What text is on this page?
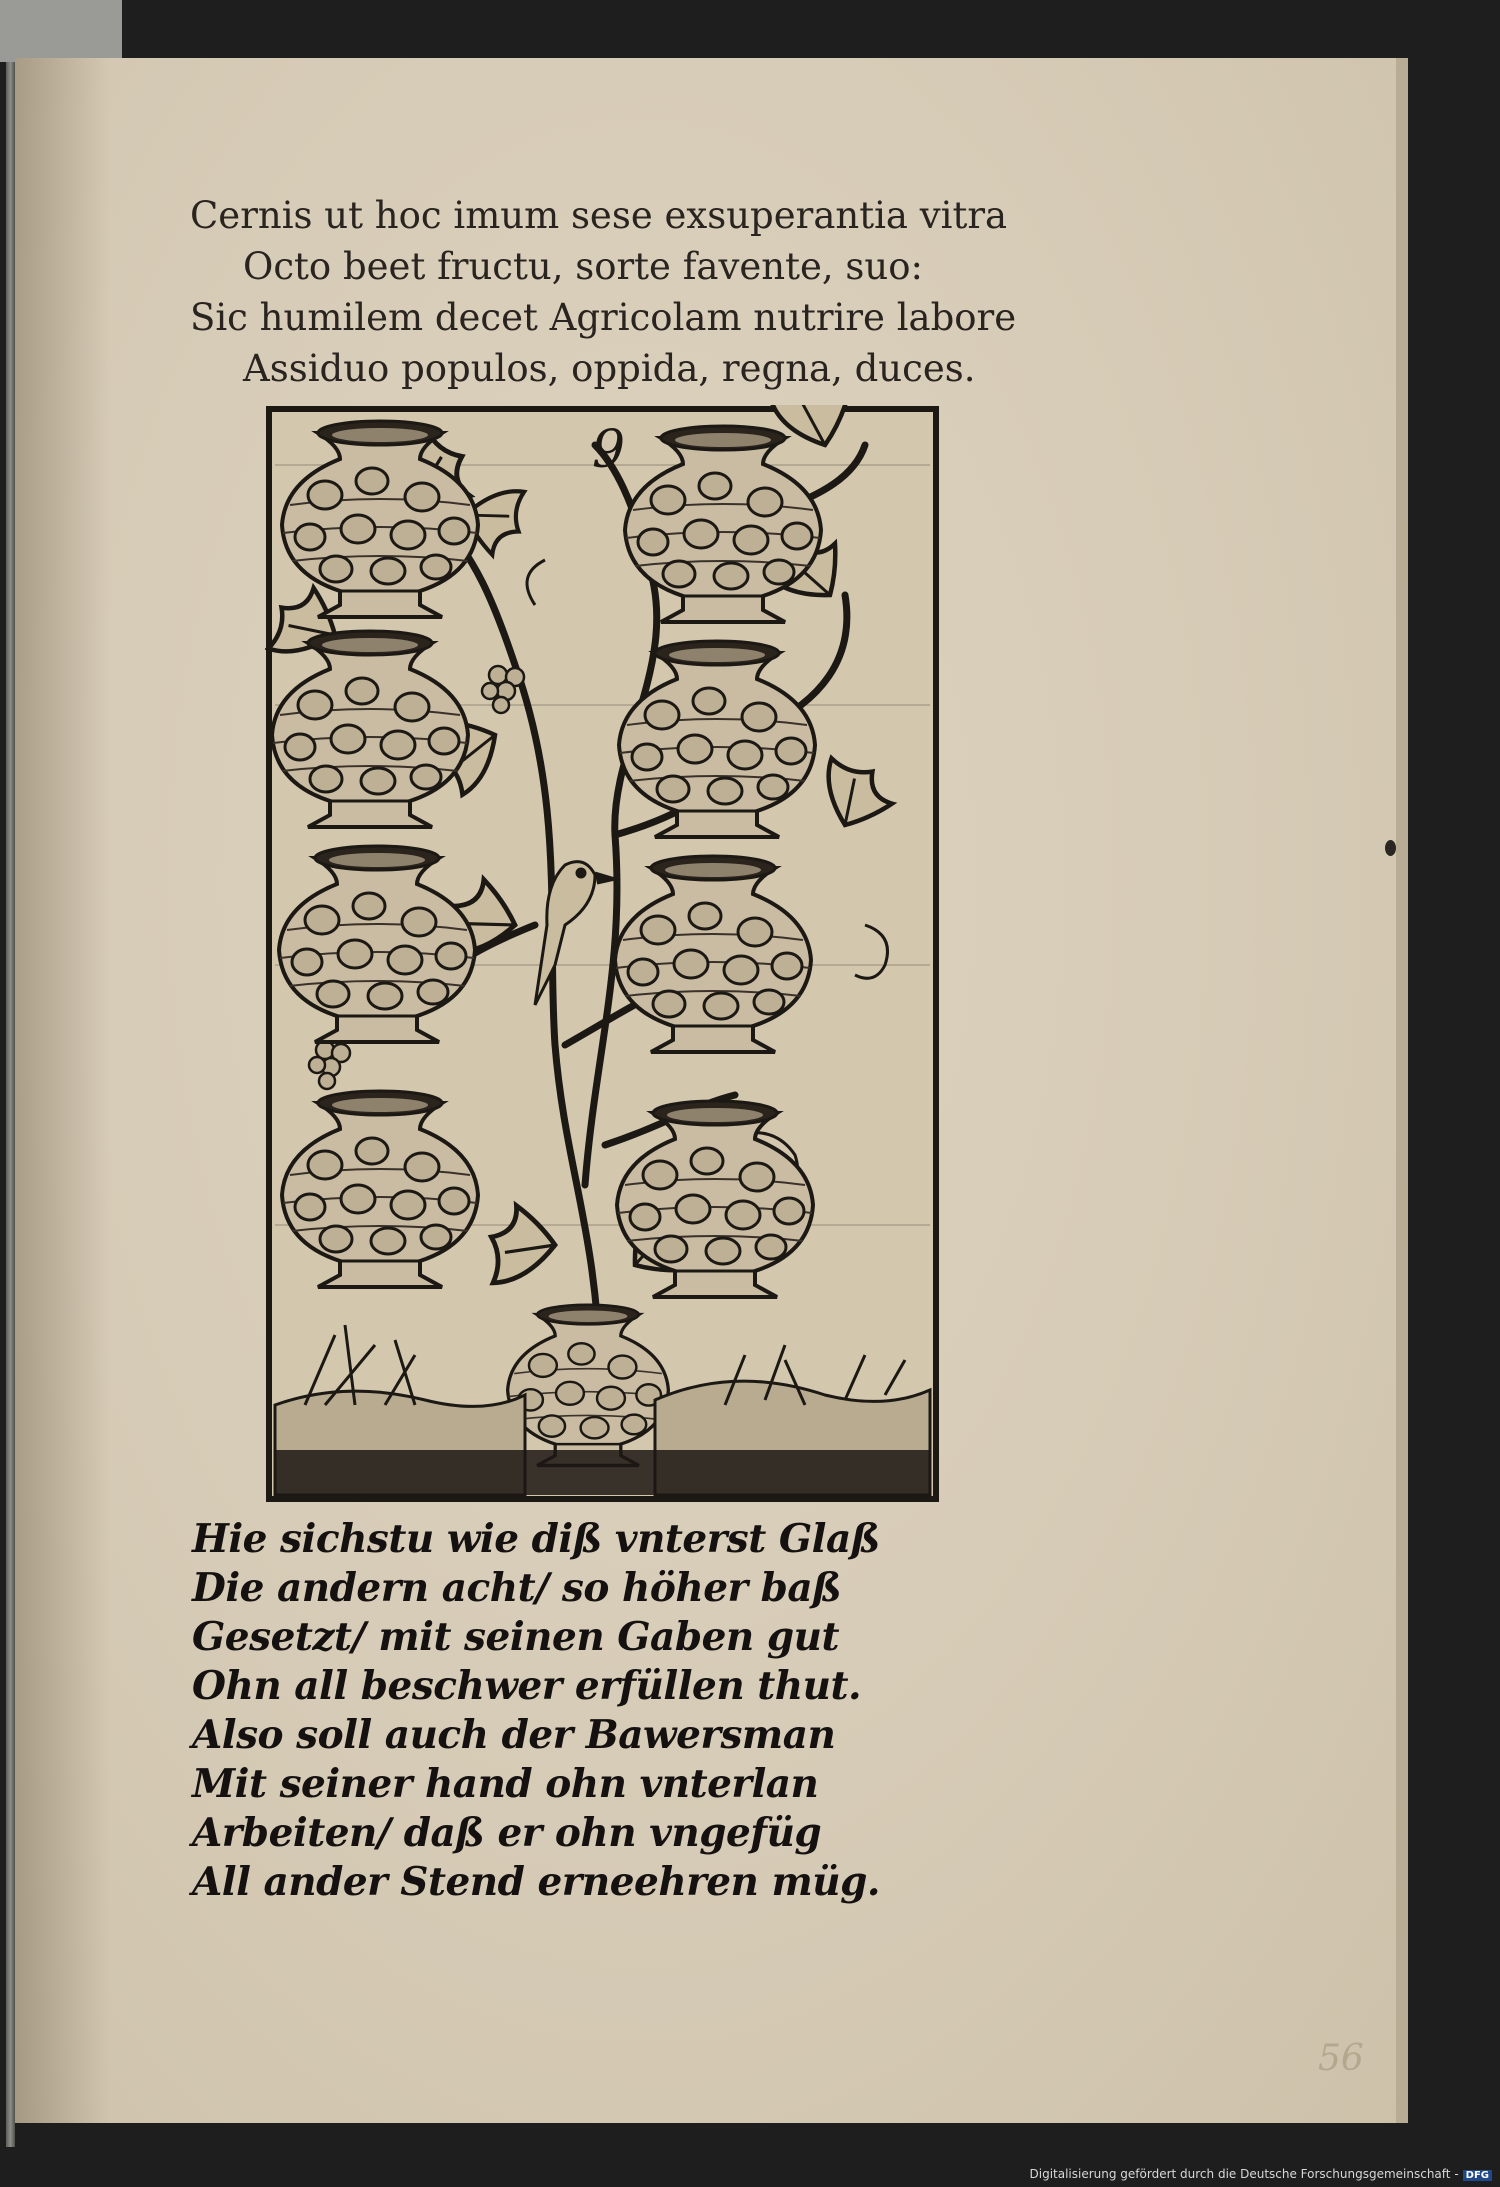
Cernis ut hoc imum sese exsuperantia vitra
Octo beet fructu, sorte favente, suo:
Sic humilem decet Agricolam nutrire labore
Assiduo populos, oppida, regna, duces.
9
Hie sichstu wie diß vnterst Glaß
Die andern acht/ so höher baß
Gesetzt/ mit seinen Gaben gut
Ohn all beschwer erfüllen thut.
Also soll auch der Bawersman
Mit seiner hand ohn vnterlan
Arbeiten/ daß er ohn vngefüg
All ander Stend erneehren müg.
56
Digitalisierung gefördert durch die Deutsche Forschungsgemeinschaft - DFG
